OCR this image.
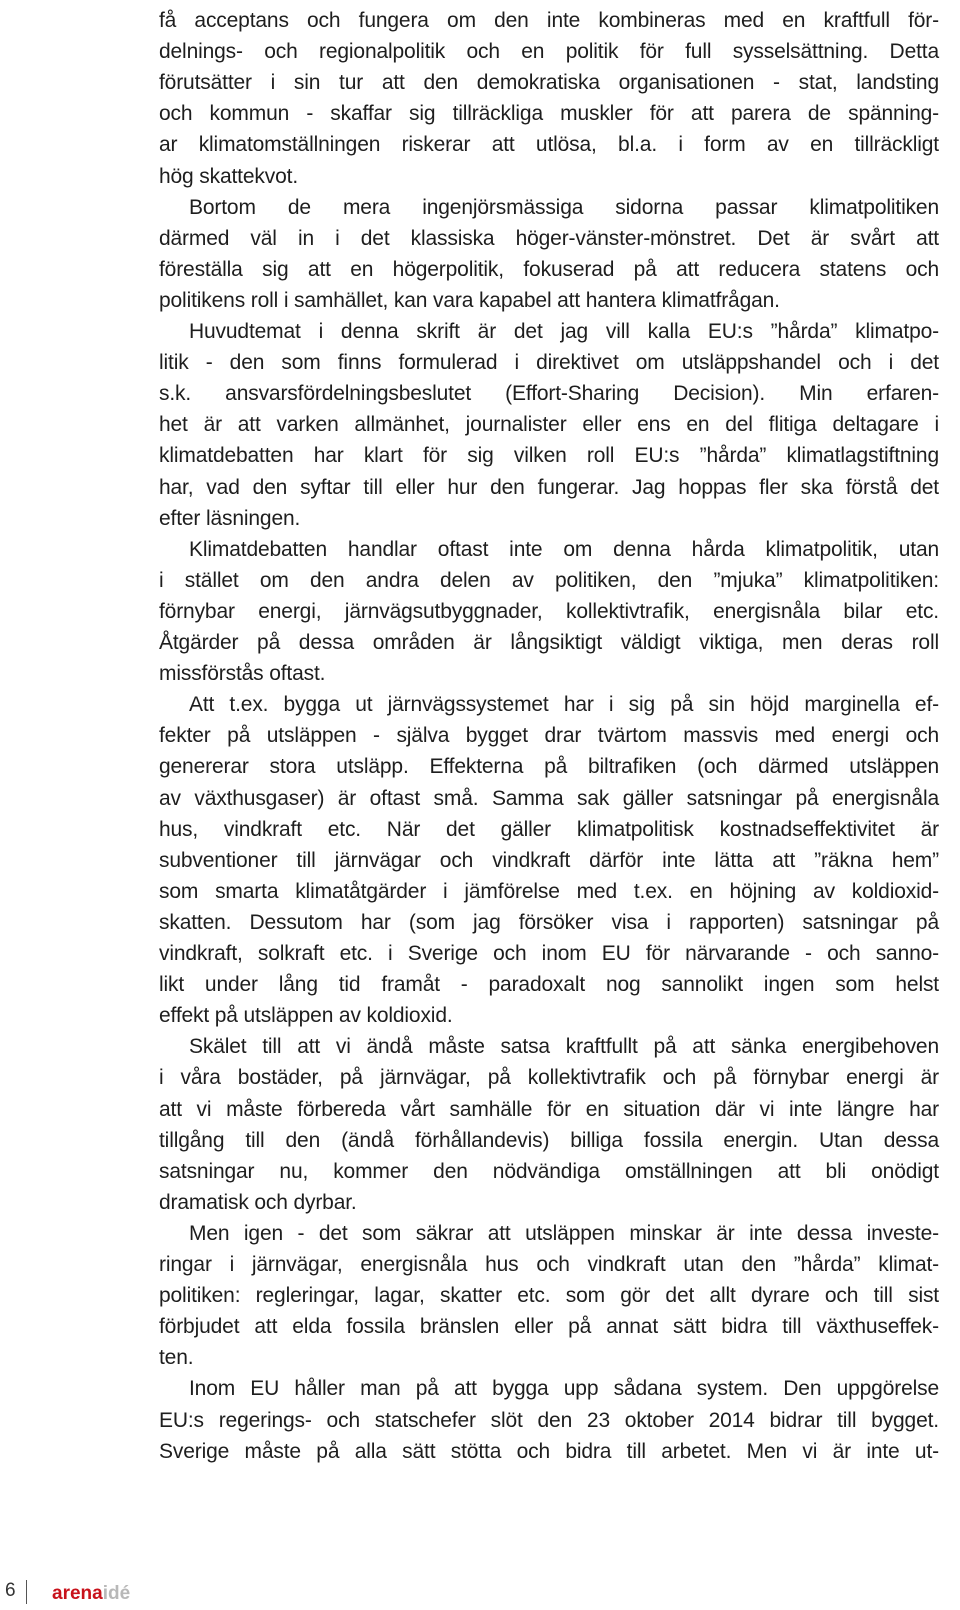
få acceptans och fungera om den inte kombineras med en kraftfull för-
delnings- och regionalpolitik och en politik för full sysselsättning. Detta
förutsätter i sin tur att den demokratiska organisationen - stat, landsting
och kommun - skaffar sig tillräckliga muskler för att parera de spänning-
ar klimatomställningen riskerar att utlösa, bl.a. i form av en tillräckligt
hög skattekvot.
Bortom de mera ingenjörsmässiga sidorna passar klimatpolitiken
därmed väl in i det klassiska höger-vänster-mönstret. Det är svårt att
föreställa sig att en högerpolitik, fokuserad på att reducera statens och
politikens roll i samhället, kan vara kapabel att hantera klimatfrågan.
Huvudtemat i denna skrift är det jag vill kalla EU:s ”hårda” klimatpo-
litik - den som finns formulerad i direktivet om utsläppshandel och i det
s.k. ansvarsfördelningsbeslutet (Effort-Sharing Decision). Min erfaren-
het är att varken allmänhet, journalister eller ens en del flitiga deltagare i
klimatdebatten har klart för sig vilken roll EU:s ”hårda” klimatlagstiftning
har, vad den syftar till eller hur den fungerar. Jag hoppas fler ska förstå det
efter läsningen.
Klimatdebatten handlar oftast inte om denna hårda klimatpolitik, utan
i stället om den andra delen av politiken, den ”mjuka” klimatpolitiken:
förnybar energi, järnvägsutbyggnader, kollektivtrafik, energisnåla bilar etc.
Åtgärder på dessa områden är långsiktigt väldigt viktiga, men deras roll
missförstås oftast.
Att t.ex. bygga ut järnvägssystemet har i sig på sin höjd marginella ef-
fekter på utsläppen - själva bygget drar tvärtom massvis med energi och
genererar stora utsläpp. Effekterna på biltrafiken (och därmed utsläppen
av växthusgaser) är oftast små. Samma sak gäller satsningar på energisnåla
hus, vindkraft etc. När det gäller klimatpolitisk kostnadseffektivitet är
subventioner till järnvägar och vindkraft därför inte lätta att ”räkna hem”
som smarta klimatåtgärder i jämförelse med t.ex. en höjning av koldioxid-
skatten. Dessutom har (som jag försöker visa i rapporten) satsningar på
vindkraft, solkraft etc. i Sverige och inom EU för närvarande - och sanno-
likt under lång tid framåt - paradoxalt nog sannolikt ingen som helst
effekt på utsläppen av koldioxid.
Skälet till att vi ändå måste satsa kraftfullt på att sänka energibehoven
i våra bostäder, på järnvägar, på kollektivtrafik och på förnybar energi är
att vi måste förbereda vårt samhälle för en situation där vi inte längre har
tillgång till den (ändå förhållandevis) billiga fossila energin. Utan dessa
satsningar nu, kommer den nödvändiga omställningen att bli onödigt
dramatisk och dyrbar.
Men igen - det som säkrar att utsläppen minskar är inte dessa investe-
ringar i järnvägar, energisnåla hus och vindkraft utan den ”hårda” klimat-
politiken: regleringar, lagar, skatter etc. som gör det allt dyrare och till sist
förbjudet att elda fossila bränslen eller på annat sätt bidra till växthuseffek-
ten.
Inom EU håller man på att bygga upp sådana system. Den uppgörelse
EU:s regerings- och statschefer slöt den 23 oktober 2014 bidrar till bygget.
Sverige måste på alla sätt stötta och bidra till arbetet. Men vi är inte ut-
6 arenaidé
